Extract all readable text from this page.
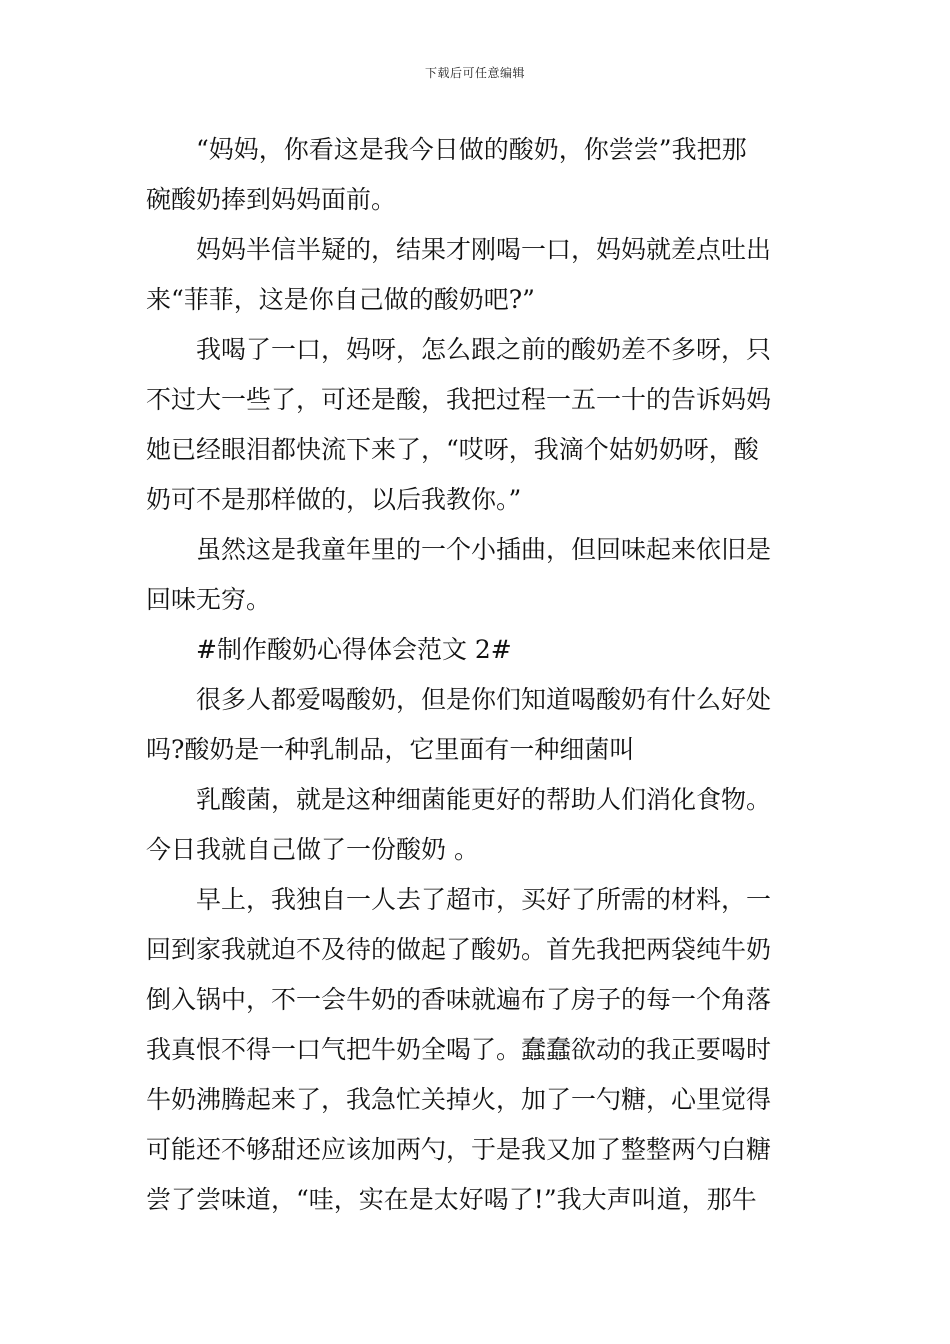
下载后可任意编辑
“妈妈，你看这是我今日做的酸奶，你尝尝”我把那
碗酸奶捧到妈妈面前。
妈妈半信半疑的，结果才刚喝一口，妈妈就差点吐出
来“菲菲，这是你自己做的酸奶吧?”
我喝了一口，妈呀，怎么跟之前的酸奶差不多呀，只
不过大一些了，可还是酸，我把过程一五一十的告诉妈妈
她已经眼泪都快流下来了，“哎呀，我滴个姑奶奶呀，酸
奶可不是那样做的，以后我教你。”
虽然这是我童年里的一个小插曲，但回味起来依旧是
回味无穷。
#制作酸奶心得体会范文 2#
很多人都爱喝酸奶，但是你们知道喝酸奶有什么好处
吗?酸奶是一种乳制品，它里面有一种细菌叫
乳酸菌，就是这种细菌能更好的帮助人们消化食物。
今日我就自己做了一份酸奶 。
早上，我独自一人去了超市，买好了所需的材料，一
回到家我就迫不及待的做起了酸奶。首先我把两袋纯牛奶
倒入锅中，不一会牛奶的香味就遍布了房子的每一个角落
我真恨不得一口气把牛奶全喝了。蠢蠢欲动的我正要喝时
牛奶沸腾起来了，我急忙关掉火，加了一勺糖，心里觉得
可能还不够甜还应该加两勺，于是我又加了整整两勺白糖
尝了尝味道，“哇，实在是太好喝了!”我大声叫道，那牛
